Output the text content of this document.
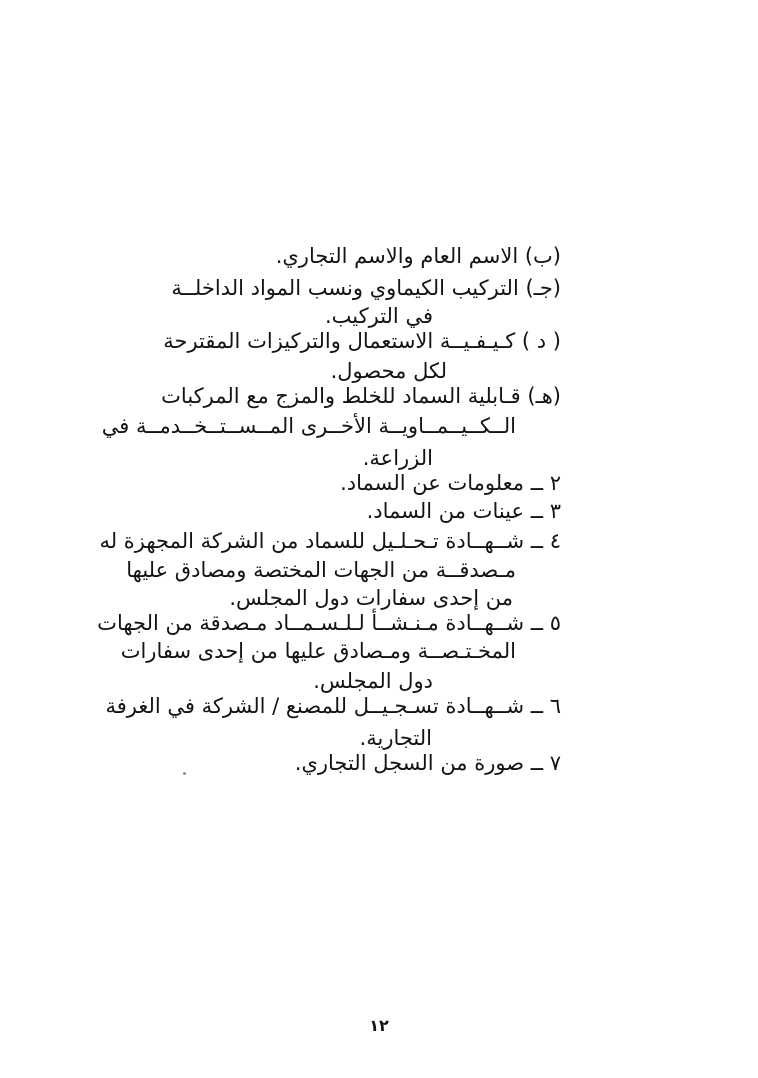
(ب) الاسم العام والاسم التجاري.
(جـ) التركيب الكيماوي ونسب المواد الداخلــة
في التركيب.
( د ) كـيـفـيــة الاستعمال والتركيزات المقترحة
لكل محصول.
(هـ) قـابلية السماد للخلط والمزج مع المركبات
الــكــيــمــاويــة الأخــرى المــســتــخــدمــة في
الزراعة.
٢ ــ معلومات عن السماد.
٣ ــ عينات من السماد.
٤ ــ شــهــادة تـحـلـيل للسماد من الشركة المجهزة له
مـصدقــة من الجهات المختصة ومصادق عليها
من إحدى سفارات دول المجلس.
٥ ــ شــهــادة مـنـشــأ لـلـسـمــاد مـصدقة من الجهات
المخـتـصــة ومـصادق عليها من إحدى سفارات
دول المجلس.
٦ ــ شــهــادة تسـجـيــل للمصنع / الشركة في الغرفة
التجارية.
٧ ــ صورة من السجل التجاري.
١٢
